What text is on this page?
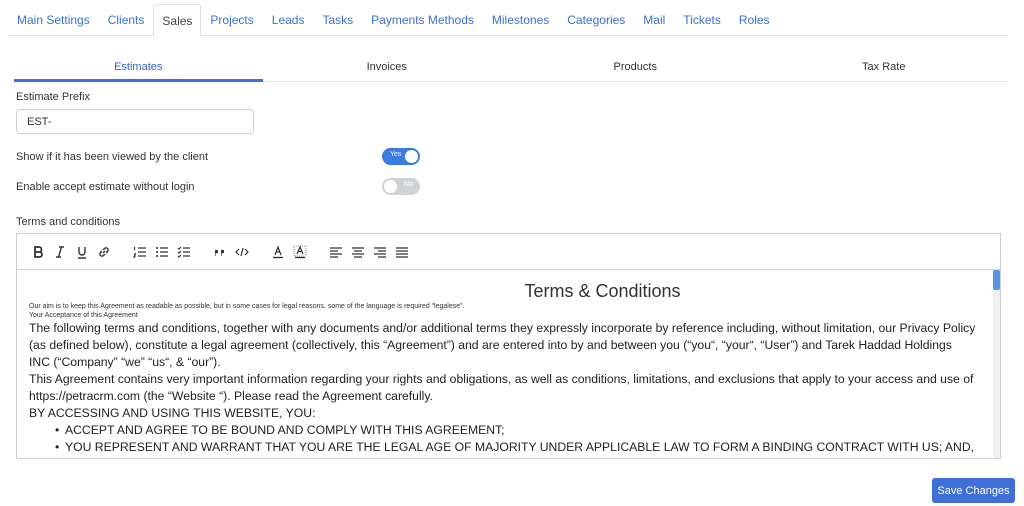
Main Settings	Clients	Sales	Projects	Leads	Tasks	Payments Methods	Milestones	Categories	Mail	Tickets	Roles
Estimates	Invoices	Products	Tax Rate
Estimate Prefix
EST-
Show if it has been viewed by the client	Yes
Enable accept estimate without login	No
Terms and conditions
Terms & Conditions
Our aim is to keep this Agreement as readable as possible, but in some cases for legal reasons, some of the language is required “legalese”.
Your Acceptance of this Agreement
The following terms and conditions, together with any documents and/or additional terms they expressly incorporate by reference including, without limitation, our Privacy Policy (as defined below), constitute a legal agreement (collectively, this “Agreement”) and are entered into by and between you (“you“, “your“, “User”) and Tarek Haddad Holdings INC (“Company” “we” “us“, & “our”).
This Agreement contains very important information regarding your rights and obligations, as well as conditions, limitations, and exclusions that apply to your access and use of https://petracrm.com (the “Website “). Please read the Agreement carefully.
BY ACCESSING AND USING THIS WEBSITE, YOU:
• ACCEPT AND AGREE TO BE BOUND AND COMPLY WITH THIS AGREEMENT;
• YOU REPRESENT AND WARRANT THAT YOU ARE THE LEGAL AGE OF MAJORITY UNDER APPLICABLE LAW TO FORM A BINDING CONTRACT WITH US; AND,
Save Changes
